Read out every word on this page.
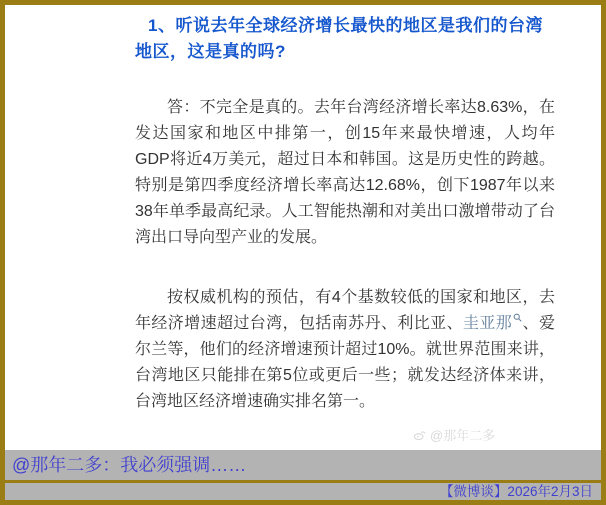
1、听说去年全球经济增长最快的地区是我们的台湾地区，这是真的吗?

答：不完全是真的。去年台湾经济增长率达8.63%，在发达国家和地区中排第一，创15年来最快增速，人均年GDP将近4万美元，超过日本和韩国。这是历史性的跨越。特别是第四季度经济增长率高达12.68%，创下1987年以来38年单季最高纪录。人工智能热潮和对美出口激增带动了台湾出口导向型产业的发展。

按权威机构的预估，有4个基数较低的国家和地区，去年经济增速超过台湾，包括南苏丹、利比亚、圭亚那 、爱尔兰等，他们的经济增速预计超过10%。就世界范围来讲，台湾地区只能排在第5位或更后一些；就发达经济体来讲，台湾地区经济增速确实排名第一。

@那年二多
@那年二多：我必须强调……
【微博谈】2026年2月3日
